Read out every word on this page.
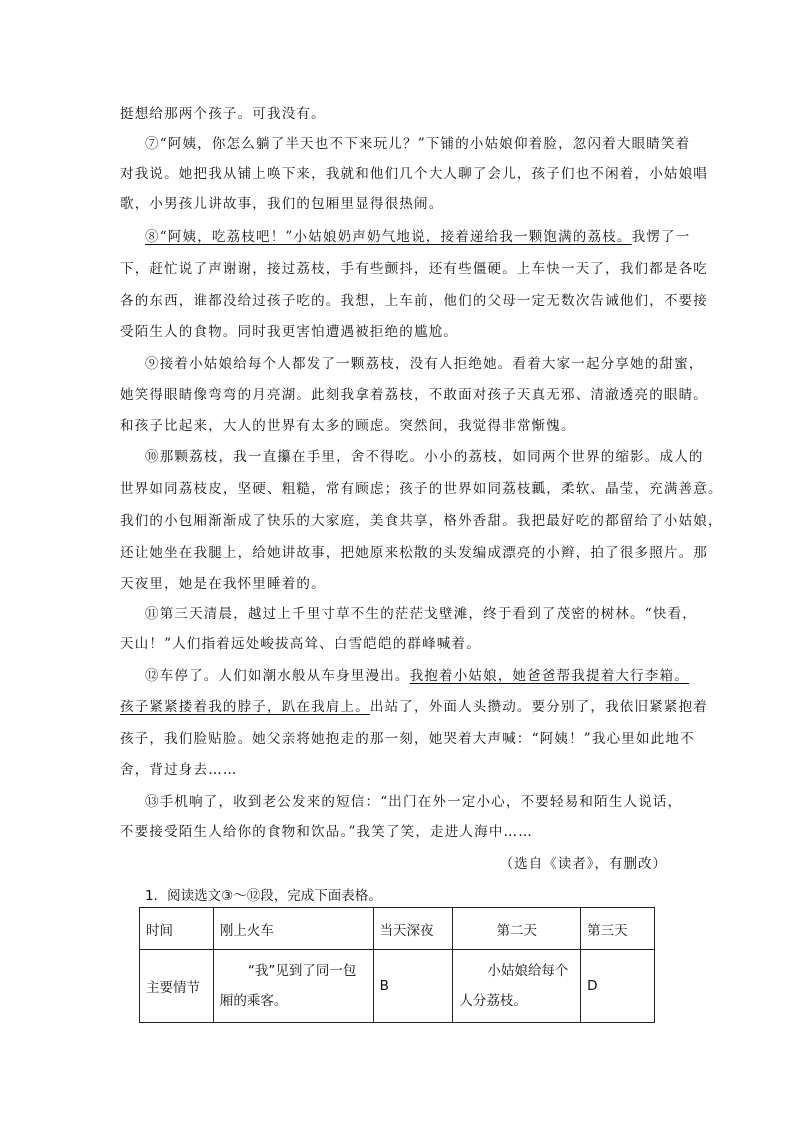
挺想给那两个孩子。可我没有。
⑦“阿姨，你怎么躺了半天也不下来玩儿？”下铺的小姑娘仰着脸，忽闪着大眼睛笑着
对我说。她把我从铺上唤下来，我就和他们几个大人聊了会儿，孩子们也不闲着，小姑娘唱
歌，小男孩儿讲故事，我们的包厢里显得很热闹。
⑧“阿姨，吃荔枝吧！”小姑娘奶声奶气地说，接着递给我一颗饱满的荔枝。我愣了一
下，赶忙说了声谢谢，接过荔枝，手有些颤抖，还有些僵硬。上车快一天了，我们都是各吃
各的东西，谁都没给过孩子吃的。我想，上车前，他们的父母一定无数次告诫他们，不要接
受陌生人的食物。同时我更害怕遭遇被拒绝的尴尬。
⑨接着小姑娘给每个人都发了一颗荔枝，没有人拒绝她。看着大家一起分享她的甜蜜，
她笑得眼睛像弯弯的月亮湖。此刻我拿着荔枝，不敢面对孩子天真无邪、清澈透亮的眼睛。
和孩子比起来，大人的世界有太多的顾虑。突然间，我觉得非常惭愧。
⑩那颗荔枝，我一直攥在手里，舍不得吃。小小的荔枝，如同两个世界的缩影。成人的
世界如同荔枝皮，坚硬、粗糙，常有顾虑；孩子的世界如同荔枝瓤，柔软、晶莹，充满善意。
我们的小包厢渐渐成了快乐的大家庭，美食共享，格外香甜。我把最好吃的都留给了小姑娘，
还让她坐在我腿上，给她讲故事，把她原来松散的头发编成漂亮的小辫，拍了很多照片。那
天夜里，她是在我怀里睡着的。
⑪第三天清晨，越过上千里寸草不生的茫茫戈壁滩，终于看到了茂密的树林。“快看，
天山！”人们指着远处峻拔高耸、白雪皑皑的群峰喊着。
⑫车停了。人们如潮水般从车身里漫出。我抱着小姑娘，她爸爸帮我提着大行李箱。
孩子紧紧搂着我的脖子，趴在我肩上。出站了，外面人头攒动。要分别了，我依旧紧紧抱着
孩子，我们脸贴脸。她父亲将她抱走的那一刻，她哭着大声喊：“阿姨！”我心里如此地不
舍，背过身去……
⑬手机响了，收到老公发来的短信：“出门在外一定小心，不要轻易和陌生人说话，
不要接受陌生人给你的食物和饮品。”我笑了笑，走进人海中……
（选自《读者》，有删改）
1．阅读选文③～⑫段，完成下面表格。
时间	刚上火车	当天深夜	第二天	第三天
主要情节	“我”见到了同一包厢的乘客。	B	小姑娘给每个人分荔枝。	D
